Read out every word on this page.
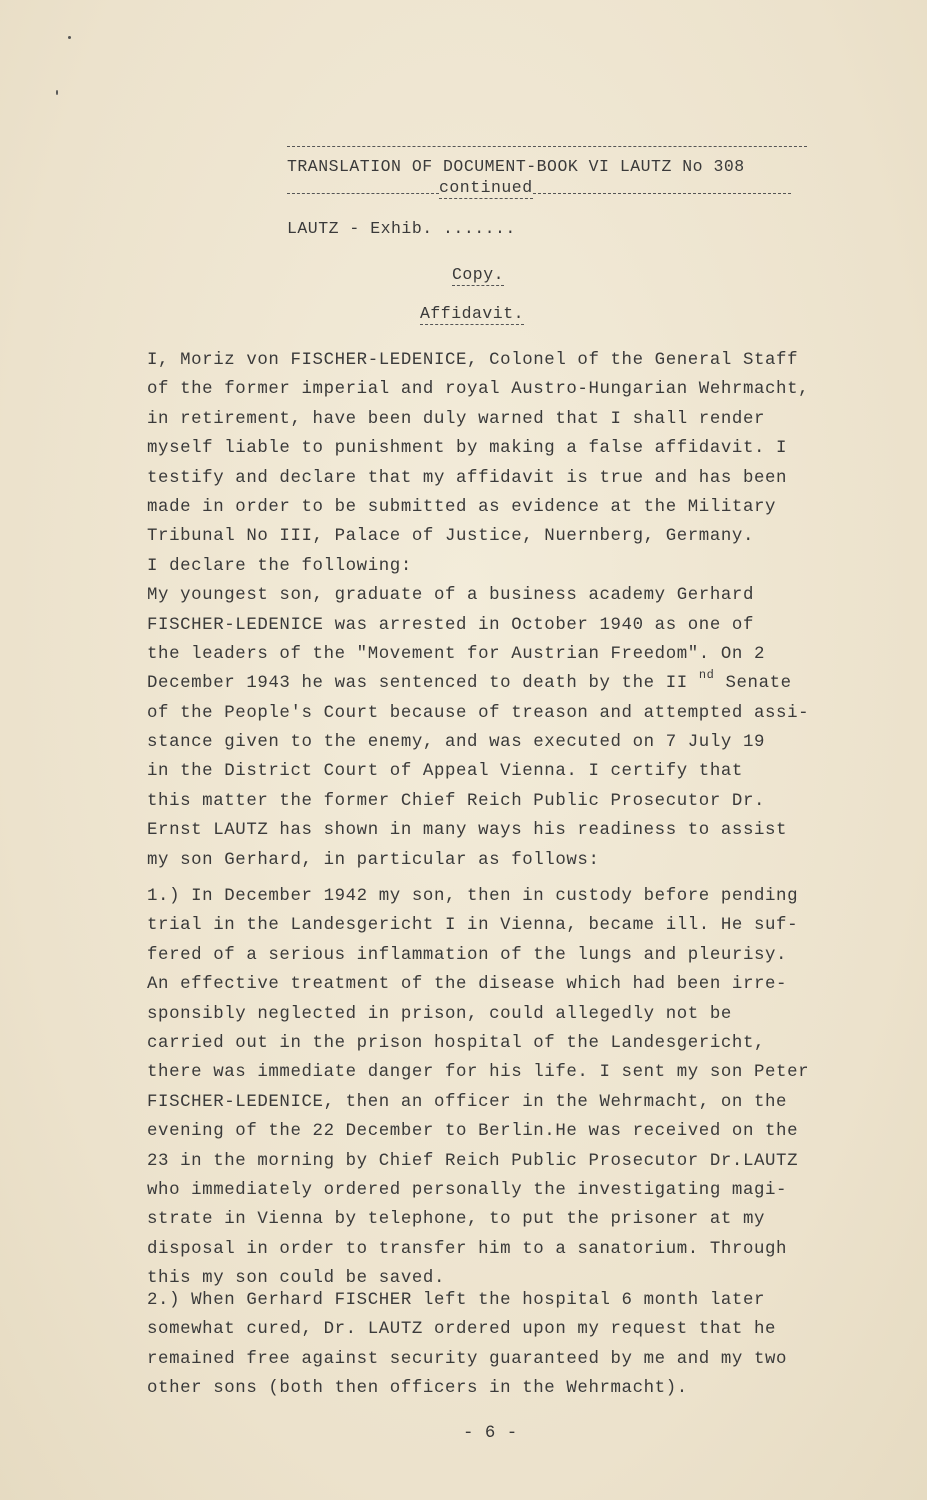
TRANSLATION OF DOCUMENT-BOOK VI LAUTZ No 308
continued
LAUTZ - Exhib. .......
Copy.
Affidavit.
I, Moriz von FISCHER-LEDENICE, Colonel of the General Staff
of the former imperial and royal Austro-Hungarian Wehrmacht,
in retirement, have been duly warned that I shall render
myself liable to punishment by making a false affidavit. I
testify and declare that my affidavit is true and has been
made in order to be submitted as evidence at the Military
Tribunal No III, Palace of Justice, Nuernberg, Germany.
I declare the following:
My youngest son, graduate of a business academy Gerhard
FISCHER-LEDENICE was arrested in October 1940 as one of
the leaders of the "Movement for Austrian Freedom". On 2
December 1943 he was sentenced to death by the II $^{nd}$ Senate
of the People's Court because of treason and attempted assi-
stance given to the enemy, and was executed on 7 July 19
in the District Court of Appeal Vienna. I certify that
this matter the former Chief Reich Public Prosecutor Dr.
Ernst LAUTZ has shown in many ways his readiness to assist
my son Gerhard, in particular as follows:
1.) In December 1942 my son, then in custody before pending
trial in the Landesgericht I in Vienna, became ill. He suf-
fered of a serious inflammation of the lungs and pleurisy.
An effective treatment of the disease which had been irre-
sponsibly neglected in prison, could allegedly not be
carried out in the prison hospital of the Landesgericht,
there was immediate danger for his life. I sent my son Peter
FISCHER-LEDENICE, then an officer in the Wehrmacht, on the
evening of the 22 December to Berlin.He was received on the
23 in the morning by Chief Reich Public Prosecutor Dr.LAUTZ
who immediately ordered personally the investigating magi-
strate in Vienna by telephone, to put the prisoner at my
disposal in order to transfer him to a sanatorium. Through
this my son could be saved.
2.) When Gerhard FISCHER left the hospital 6 month later
somewhat cured, Dr. LAUTZ ordered upon my request that he
remained free against security guaranteed by me and my two
other sons (both then officers in the Wehrmacht).
- 6 -
